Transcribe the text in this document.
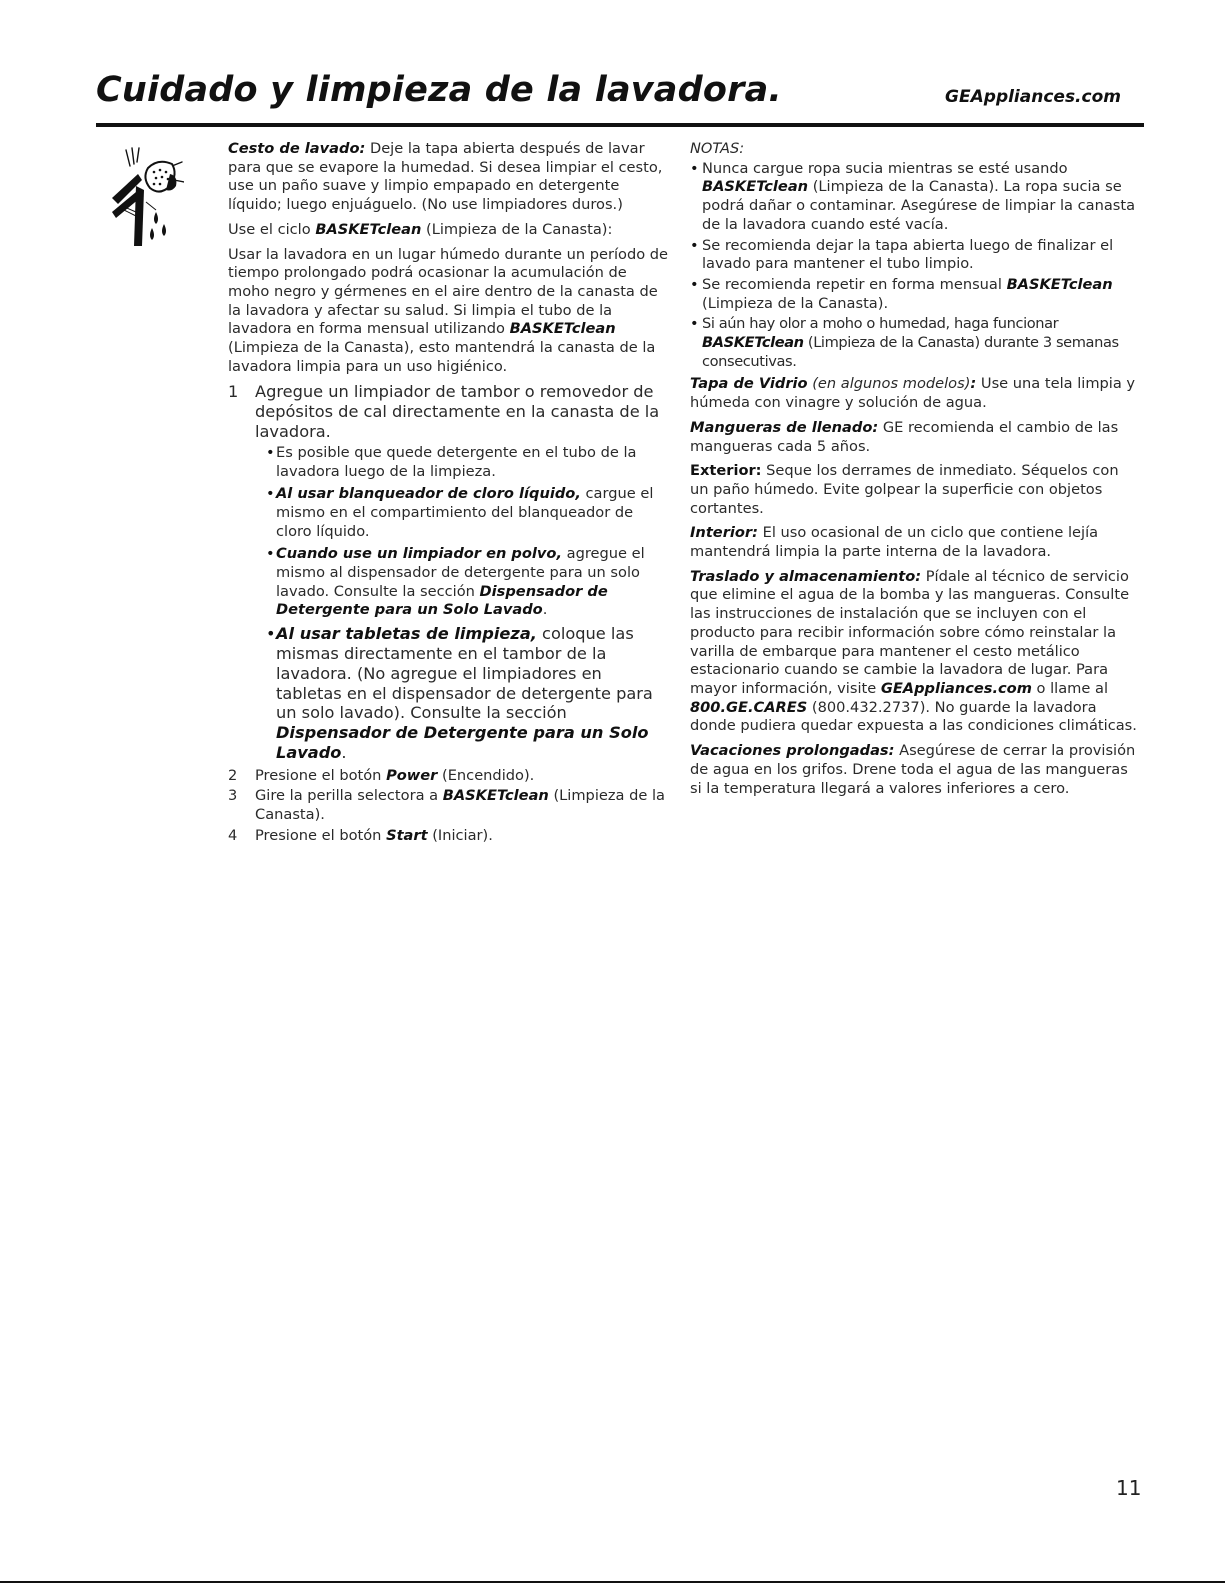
Cuidado y limpieza de la lavadora.	GEAppliances.com

Cesto de lavado: Deje la tapa abierta después de lavar para que se evapore la humedad. Si desea limpiar el cesto, use un paño suave y limpio empapado en detergente líquido; luego enjuáguelo. (No use limpiadores duros.)

Use el ciclo BASKETclean (Limpieza de la Canasta):

Usar la lavadora en un lugar húmedo durante un período de tiempo prolongado podrá ocasionar la acumulación de moho negro y gérmenes en el aire dentro de la canasta de la lavadora y afectar su salud. Si limpia el tubo de la lavadora en forma mensual utilizando BASKETclean (Limpieza de la Canasta), esto mantendrá la canasta de la lavadora limpia para un uso higiénico.

1 Agregue un limpiador de tambor o removedor de depósitos de cal directamente en la canasta de la lavadora.
• Es posible que quede detergente en el tubo de la lavadora luego de la limpieza.
• Al usar blanqueador de cloro líquido, cargue el mismo en el compartimiento del blanqueador de cloro líquido.
• Cuando use un limpiador en polvo, agregue el mismo al dispensador de detergente para un solo lavado. Consulte la sección Dispensador de Detergente para un Solo Lavado.
• Al usar tabletas de limpieza, coloque las mismas directamente en el tambor de la lavadora. (No agregue el limpiadores en tabletas en el dispensador de detergente para un solo lavado). Consulte la sección Dispensador de Detergente para un Solo Lavado.
2 Presione el botón Power (Encendido).
3 Gire la perilla selectora a BASKETclean (Limpieza de la Canasta).
4 Presione el botón Start (Iniciar).

NOTAS:

• Nunca cargue ropa sucia mientras se esté usando BASKETclean (Limpieza de la Canasta). La ropa sucia se podrá dañar o contaminar. Asegúrese de limpiar la canasta de la lavadora cuando esté vacía.
• Se recomienda dejar la tapa abierta luego de finalizar el lavado para mantener el tubo limpio.
• Se recomienda repetir en forma mensual BASKETclean (Limpieza de la Canasta).
• Si aún hay olor a moho o humedad, haga funcionar BASKETclean (Limpieza de la Canasta) durante 3 semanas consecutivas.

Tapa de Vidrio (en algunos modelos): Use una tela limpia y húmeda con vinagre y solución de agua.

Mangueras de llenado: GE recomienda el cambio de las mangueras cada 5 años.

Exterior: Seque los derrames de inmediato. Séquelos con un paño húmedo. Evite golpear la superficie con objetos cortantes.

Interior: El uso ocasional de un ciclo que contiene lejía mantendrá limpia la parte interna de la lavadora.

Traslado y almacenamiento: Pídale al técnico de servicio que elimine el agua de la bomba y las mangueras. Consulte las instrucciones de instalación que se incluyen con el producto para recibir información sobre cómo reinstalar la varilla de embarque para mantener el cesto metálico estacionario cuando se cambie la lavadora de lugar. Para mayor información, visite GEAppliances.com o llame al 800.GE.CARES (800.432.2737). No guarde la lavadora donde pudiera quedar expuesta a las condiciones climáticas.

Vacaciones prolongadas: Asegúrese de cerrar la provisión de agua en los grifos. Drene toda el agua de las mangueras si la temperatura llegará a valores inferiores a cero.

11
